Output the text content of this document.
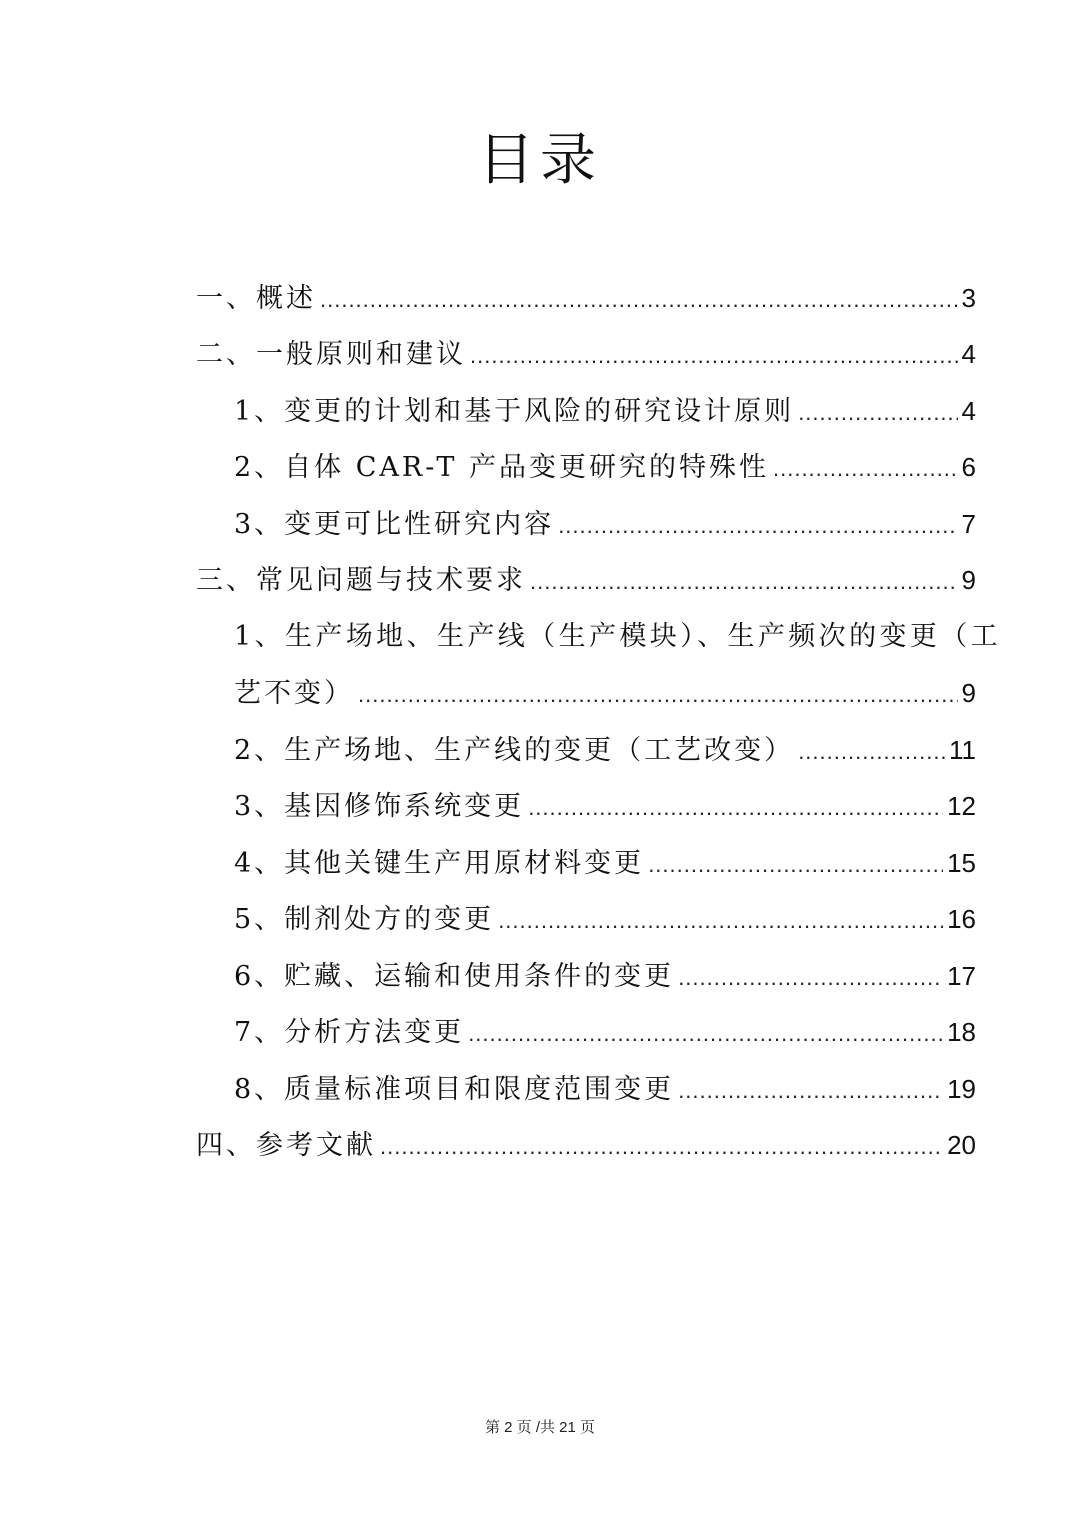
目录
一、概述 .....	3
二、一般原则和建议 .....	4
1、变更的计划和基于风险的研究设计原则 .....	4
2、自体 CAR-T 产品变更研究的特殊性 .....	6
3、变更可比性研究内容 .....	7
三、常见问题与技术要求 .....	9
1、生产场地、生产线（生产模块）、生产频次的变更（工
艺不变） .....	9
2、生产场地、生产线的变更（工艺改变） .....	11
3、基因修饰系统变更 .....	12
4、其他关键生产用原材料变更 .....	15
5、制剂处方的变更 .....	16
6、贮藏、运输和使用条件的变更 .....	17
7、分析方法变更 .....	18
8、质量标准项目和限度范围变更 .....	19
四、参考文献 .....	20
第 2 页 /共 21 页
